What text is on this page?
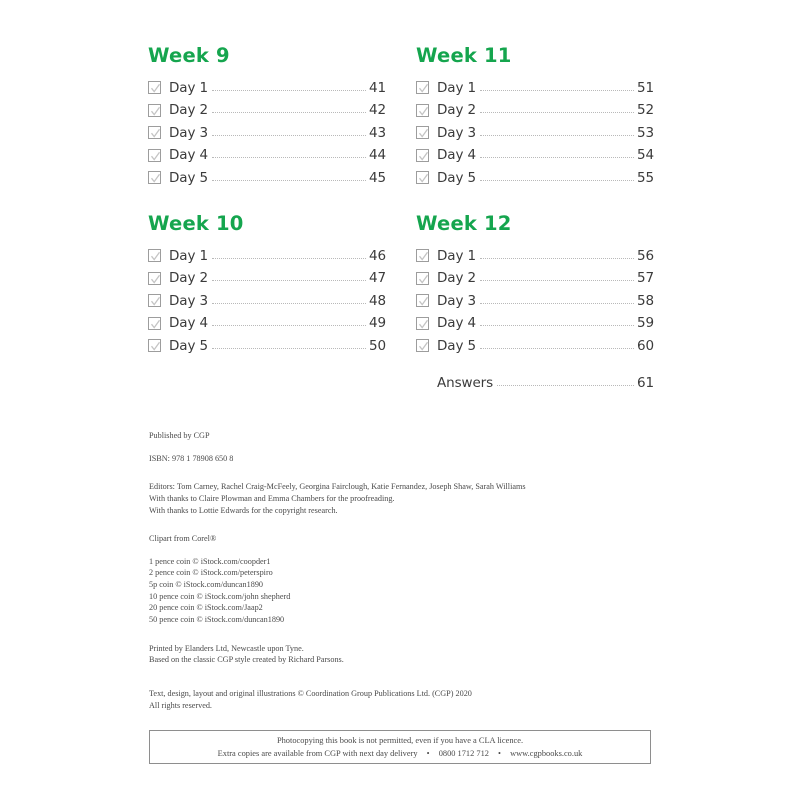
Week 9
Day 1	41
Day 2	42
Day 3	43
Day 4	44
Day 5	45
Week 11
Day 1	51
Day 2	52
Day 3	53
Day 4	54
Day 5	55
Week 10
Day 1	46
Day 2	47
Day 3	48
Day 4	49
Day 5	50
Week 12
Day 1	56
Day 2	57
Day 3	58
Day 4	59
Day 5	60
Answers	61

Published by CGP

ISBN: 978 1 78908 650 8

Editors: Tom Carney, Rachel Craig-McFeely, Georgina Fairclough, Katie Fernandez, Joseph Shaw, Sarah Williams

With thanks to Claire Plowman and Emma Chambers for the proofreading.

With thanks to Lottie Edwards for the copyright research.

Clipart from Corel®

1 pence coin © iStock.com/coopder1

2 pence coin © iStock.com/peterspiro

5p coin © iStock.com/duncan1890

10 pence coin © iStock.com/john shepherd

20 pence coin © iStock.com/Jaap2

50 pence coin © iStock.com/duncan1890

Printed by Elanders Ltd, Newcastle upon Tyne.

Based on the classic CGP style created by Richard Parsons.

Text, design, layout and original illustrations © Coordination Group Publications Ltd. (CGP) 2020

All rights reserved.

Photocopying this book is not permitted, even if you have a CLA licence.
Extra copies are available from CGP with next day delivery • 0800 1712 712 • www.cgpbooks.co.uk
